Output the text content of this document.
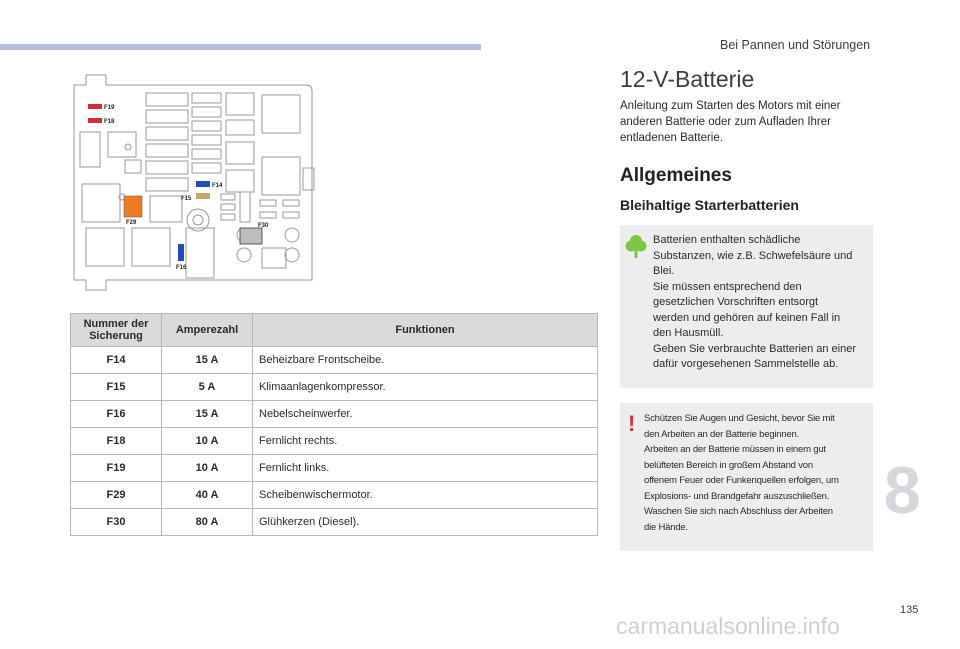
Bei Pannen und Störungen
F19
F18
F14
F15
F29	F30
F16
Nummer der Sicherung	Amperezahl	Funktionen
F14	15 A	Beheizbare Frontscheibe.
F15	5 A	Klimaanlagenkompressor.
F16	15 A	Nebelscheinwerfer.
F18	10 A	Fernlicht rechts.
F19	10 A	Fernlicht links.
F29	40 A	Scheibenwischermotor.
F30	80 A	Glühkerzen (Diesel).
12-V-Batterie
Anleitung zum Starten des Motors mit einer anderen Batterie oder zum Aufladen Ihrer entladenen Batterie.
Allgemeines
Bleihaltige Starterbatterien
Batterien enthalten schädliche
Substanzen, wie z.B. Schwefelsäure und
Blei.
Sie müssen entsprechend den
gesetzlichen Vorschriften entsorgt
werden und gehören auf keinen Fall in
den Hausmüll.
Geben Sie verbrauchte Batterien an einer
dafür vorgesehenen Sammelstelle ab.
! Schützen Sie Augen und Gesicht, bevor Sie mit
den Arbeiten an der Batterie beginnen.
Arbeiten an der Batterie müssen in einem gut
belüfteten Bereich in großem Abstand von
offenem Feuer oder Funkenquellen erfolgen, um
Explosions- und Brandgefahr auszuschließen.
Waschen Sie sich nach Abschluss der Arbeiten
die Hände.	8
135
carmanualsonline.info
